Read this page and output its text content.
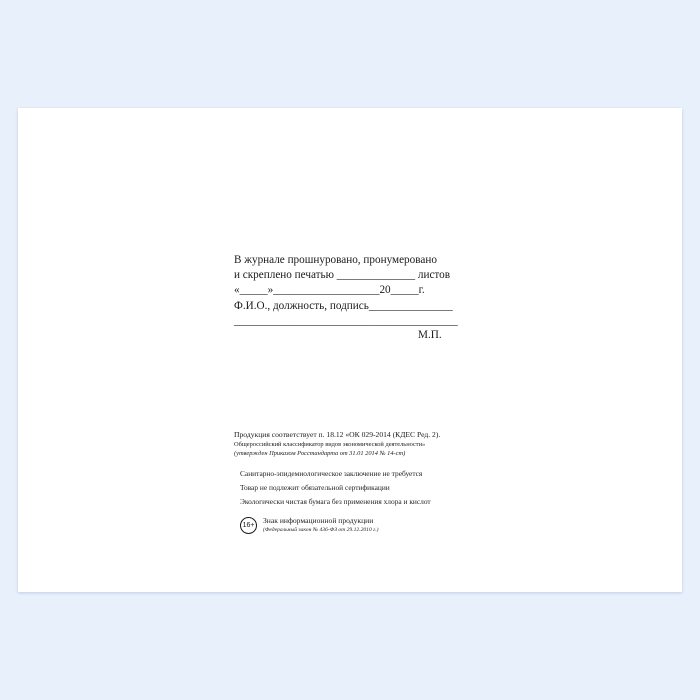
В журнале прошнуровано, пронумеровано
и скреплено печатью ______________ листов
«_____»___________________20_____г.
Ф.И.О., должность, подпись_______________
________________________________________
М.П.
Продукция соответствует п. 18.12 «ОК 029-2014 (КДЕС Ред. 2).
Общероссийский классификатор видов экономической деятельности»
(утвержден Приказом Росстандарта от 31.01 2014 № 14-ст)
Санитарно-эпидемиологическое заключение не требуется
Товар не подлежит обязательной сертификации
Экологически чистая бумага без применения хлора и кислот
16+	Знак информационной продукции
(Федеральный закон № 436-ФЗ от 29.12.2010 г.)
